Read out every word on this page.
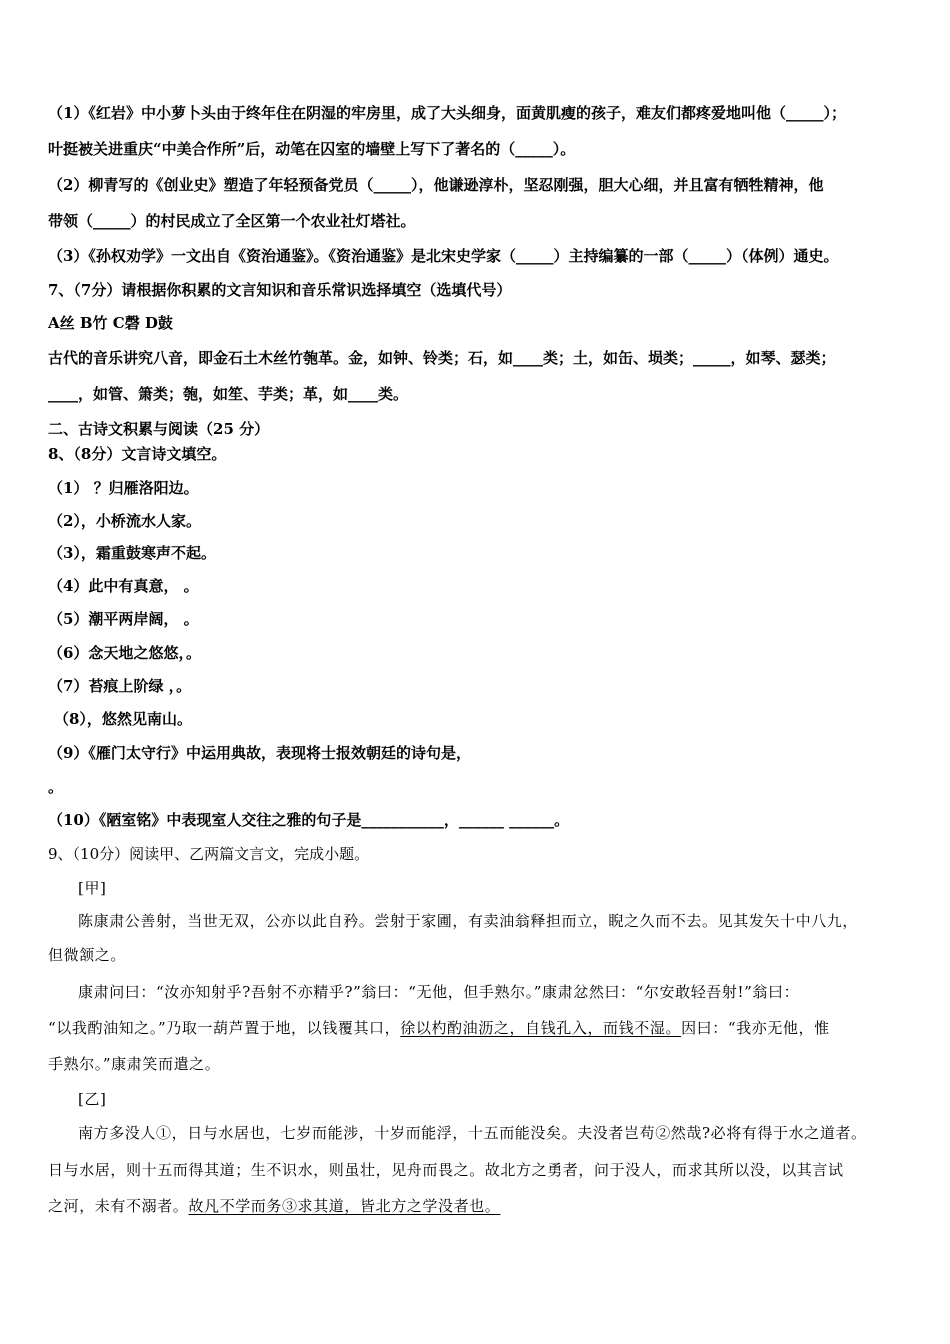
（1）《红岩》中小萝卜头由于终年住在阴湿的牢房里，成了大头细身，面黄肌瘦的孩子，难友们都疼爱地叫他（_____）；
叶挺被关进重庆“中美合作所”后，动笔在囚室的墙壁上写下了著名的（_____）。
（2）柳青写的《创业史》塑造了年轻预备党员（_____），他谦逊淳朴，坚忍刚强，胆大心细，并且富有牺牲精神，他
带领（_____）的村民成立了全区第一个农业社灯塔社。
（3）《孙权劝学》一文出自《资治通鉴》。《资治通鉴》是北宋史学家（_____）主持编纂的一部（_____）（体例）通史。
7、（7分）请根据你积累的文言知识和音乐常识选择填空（选填代号）
A丝 B竹 C磬 D鼓
古代的音乐讲究八音，即金石土木丝竹匏革。金，如钟、铃类；石，如____类；土，如缶、埙类；_____，如琴、瑟类；
____，如管、箫类；匏，如笙、芋类；革，如____类。
二、古诗文积累与阅读（25 分）
8、（8分）文言诗文填空。
（1） ？归雁洛阳边。
（2），小桥流水人家。
（3），霜重鼓寒声不起。
（4）此中有真意， 。
（5）潮平两岸阔， 。
（6）念天地之悠悠，。
（7）苔痕上阶绿 ，。
（8），悠然见南山。
（9）《雁门太守行》中运用典故，表现将士报效朝廷的诗句是，
。
（10）《陋室铭》中表现室人交往之雅的句子是___________，______ ______。
9、（10分）阅读甲、乙两篇文言文，完成小题。
[甲]
陈康肃公善射，当世无双，公亦以此自矜。尝射于家圃，有卖油翁释担而立，睨之久而不去。见其发矢十中八九，
但微颔之。
康肃问曰：“汝亦知射乎?吾射不亦精乎?”翁曰：“无他，但手熟尔。”康肃忿然曰：“尔安敢轻吾射!”翁曰：
“以我酌油知之。”乃取一葫芦置于地，以钱覆其口，徐以杓酌油沥之，自钱孔入，而钱不湿。因曰：“我亦无他，惟
手熟尔。”康肃笑而遣之。
[乙]
南方多没人①，日与水居也，七岁而能涉，十岁而能浮，十五而能没矣。夫没者岂苟②然哉?必将有得于水之道者。
日与水居，则十五而得其道；生不识水，则虽壮，见舟而畏之。故北方之勇者，问于没人，而求其所以没，以其言试
之河，未有不溺者。故凡不学而务③求其道，皆北方之学没者也。
